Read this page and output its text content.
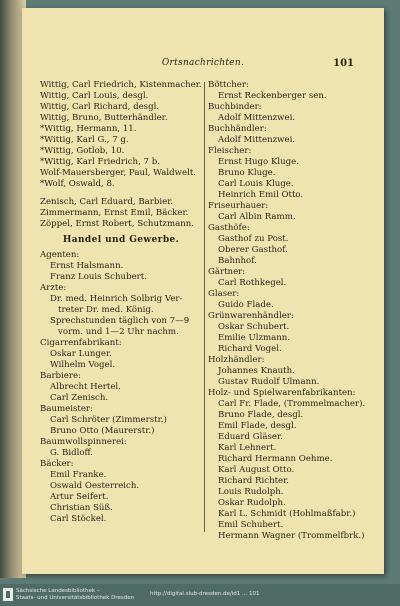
Ortsnachrichten.	101
Wittig, Carl Friedrich, Kistenmacher.
Wittig, Carl Louis, desgl.
Wittig, Carl Richard, desgl.
Wittig, Bruno, Butterhändler.
*Wittig, Hermann, 11.
*Wittig, Karl G., 7 g.
*Wittig, Gotlob, 10.
*Wittig, Karl Friedrich, 7 b.
Wolf-Mauersberger, Paul, Waldwelt.
*Wolf, Oswald, 8.
Zenisch, Carl Eduard, Barbier.
Zimmermann, Ernst Emil, Bäcker.
Zöppel, Ernst Robert, Schutzmann.
Handel und Gewerbe.
Agenten:
Ernst Halsmann.
Franz Louis Schubert.
Ärzte:
Dr. med. Heinrich Solbrig Ver-
treter Dr. med. König.
Sprechstunden täglich von 7—9
vorm. und 1—2 Uhr nachm.
Cigarrenfabrikant:
Oskar Lunger.
Wilhelm Vogel.
Barbiere:
Albrecht Hertel.
Carl Zenisch.
Baumeister:
Carl Schröter (Zimmerstr.)
Bruno Otto (Maurerstr.)
Baumwollspinnerei:
G. Bidloff.
Bäcker:
Emil Franke.
Oswald Oesterreich.
Artur Seifert.
Christian Süß.
Carl Stöckel.
Böttcher:
Ernst Reckenberger sen.
Buchbinder:
Adolf Mittenzwei.
Buchhändler:
Adolf Mittenzwei.
Fleischer:
Ernst Hugo Kluge.
Bruno Kluge.
Carl Louis Kluge.
Heinrich Emil Otto.
Friseurhauer:
Carl Albin Ramm.
Gasthöfe:
Gasthof zu Post.
Oberer Gasthof.
Bahnhof.
Gärtner:
Carl Rothkegel.
Glaser:
Guido Flade.
Grünwarenhändler:
Oskar Schubert.
Emilie Ulzmann.
Richard Vogel.
Holzhändler:
Johannes Knauth.
Gustav Rudolf Ulmann.
Holz- und Spielwarenfabrikanten:
Carl Fr. Flade, (Trommelmacher).
Bruno Flade, desgl.
Emil Flade, desgl.
Eduard Gläser.
Karl Lehnert.
Richard Hermann Oehme.
Karl August Otto.
Richard Richter.
Louis Rudolph.
Oskar Rudolph.
Karl L. Schmidt (Hohlmaßfabr.)
Emil Schubert.
Hermann Wagner (Trommelfbrk.)
Sächsische Landesbibliothek –
Staats- und Universitätsbibliothek Dresden
http://digital.slub-dresden.de/id1 ... 101
